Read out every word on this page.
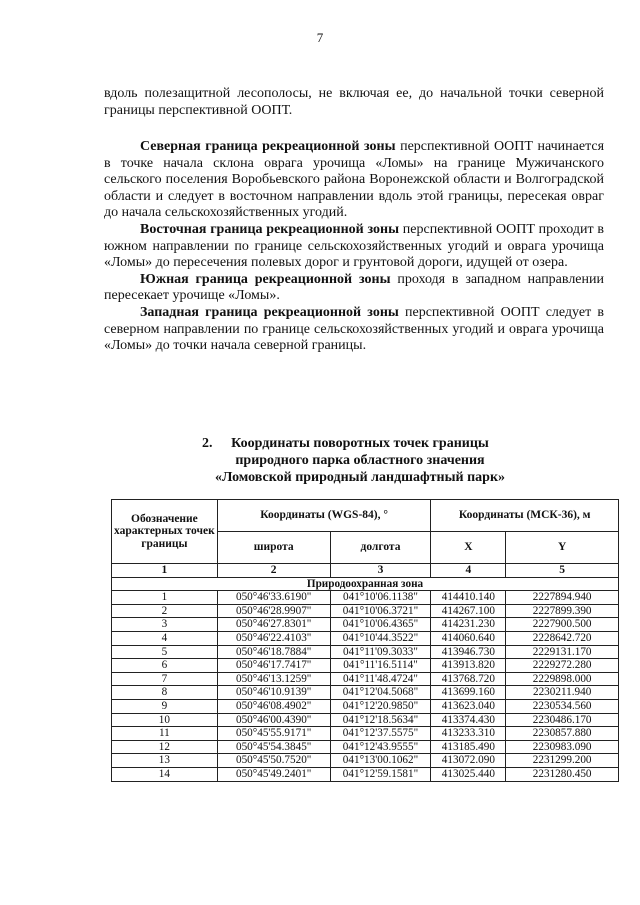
7

вдоль полезащитной лесополосы, не включая ее, до начальной точки северной границы перспективной ООПТ.

Северная граница рекреационной зоны перспективной ООПТ начинается в точке начала склона оврага урочища «Ломы» на границе Мужичанского сельского поселения Воробьевского района Воронежской области и Волгоградской области и следует в восточном направлении вдоль этой границы, пересекая овраг до начала сельскохозяйственных угодий.

Восточная граница рекреационной зоны перспективной ООПТ проходит в южном направлении по границе сельскохозяйственных угодий и оврага урочища «Ломы» до пересечения полевых дорог и грунтовой дороги, идущей от озера.

Южная граница рекреационной зоны проходя в западном направлении пересекает урочище «Ломы».

Западная граница рекреационной зоны перспективной ООПТ следует в северном направлении по границе сельскохозяйственных угодий и оврага урочища «Ломы» до точки начала северной границы.

2.	Координаты поворотных точек границы
природного парка областного значения
«Ломовской природный ландшафтный парк»
Обозначение характерных точек границы	Координаты (WGS-84), °		Координаты (МСК-36), м	
	широта	долгота	X	Y
1	2	3	4	5
Природоохранная зона				
1	050°46'33.6190"	041°10'06.1138"	414410.140	2227894.940
2	050°46'28.9907"	041°10'06.3721"	414267.100	2227899.390
3	050°46'27.8301"	041°10'06.4365"	414231.230	2227900.500
4	050°46'22.4103"	041°10'44.3522"	414060.640	2228642.720
5	050°46'18.7884"	041°11'09.3033"	413946.730	2229131.170
6	050°46'17.7417"	041°11'16.5114"	413913.820	2229272.280
7	050°46'13.1259"	041°11'48.4724"	413768.720	2229898.000
8	050°46'10.9139"	041°12'04.5068"	413699.160	2230211.940
9	050°46'08.4902"	041°12'20.9850"	413623.040	2230534.560
10	050°46'00.4390"	041°12'18.5634"	413374.430	2230486.170
11	050°45'55.9171"	041°12'37.5575"	413233.310	2230857.880
12	050°45'54.3845"	041°12'43.9555"	413185.490	2230983.090
13	050°45'50.7520"	041°13'00.1062"	413072.090	2231299.200
14	050°45'49.2401"	041°12'59.1581"	413025.440	2231280.450
